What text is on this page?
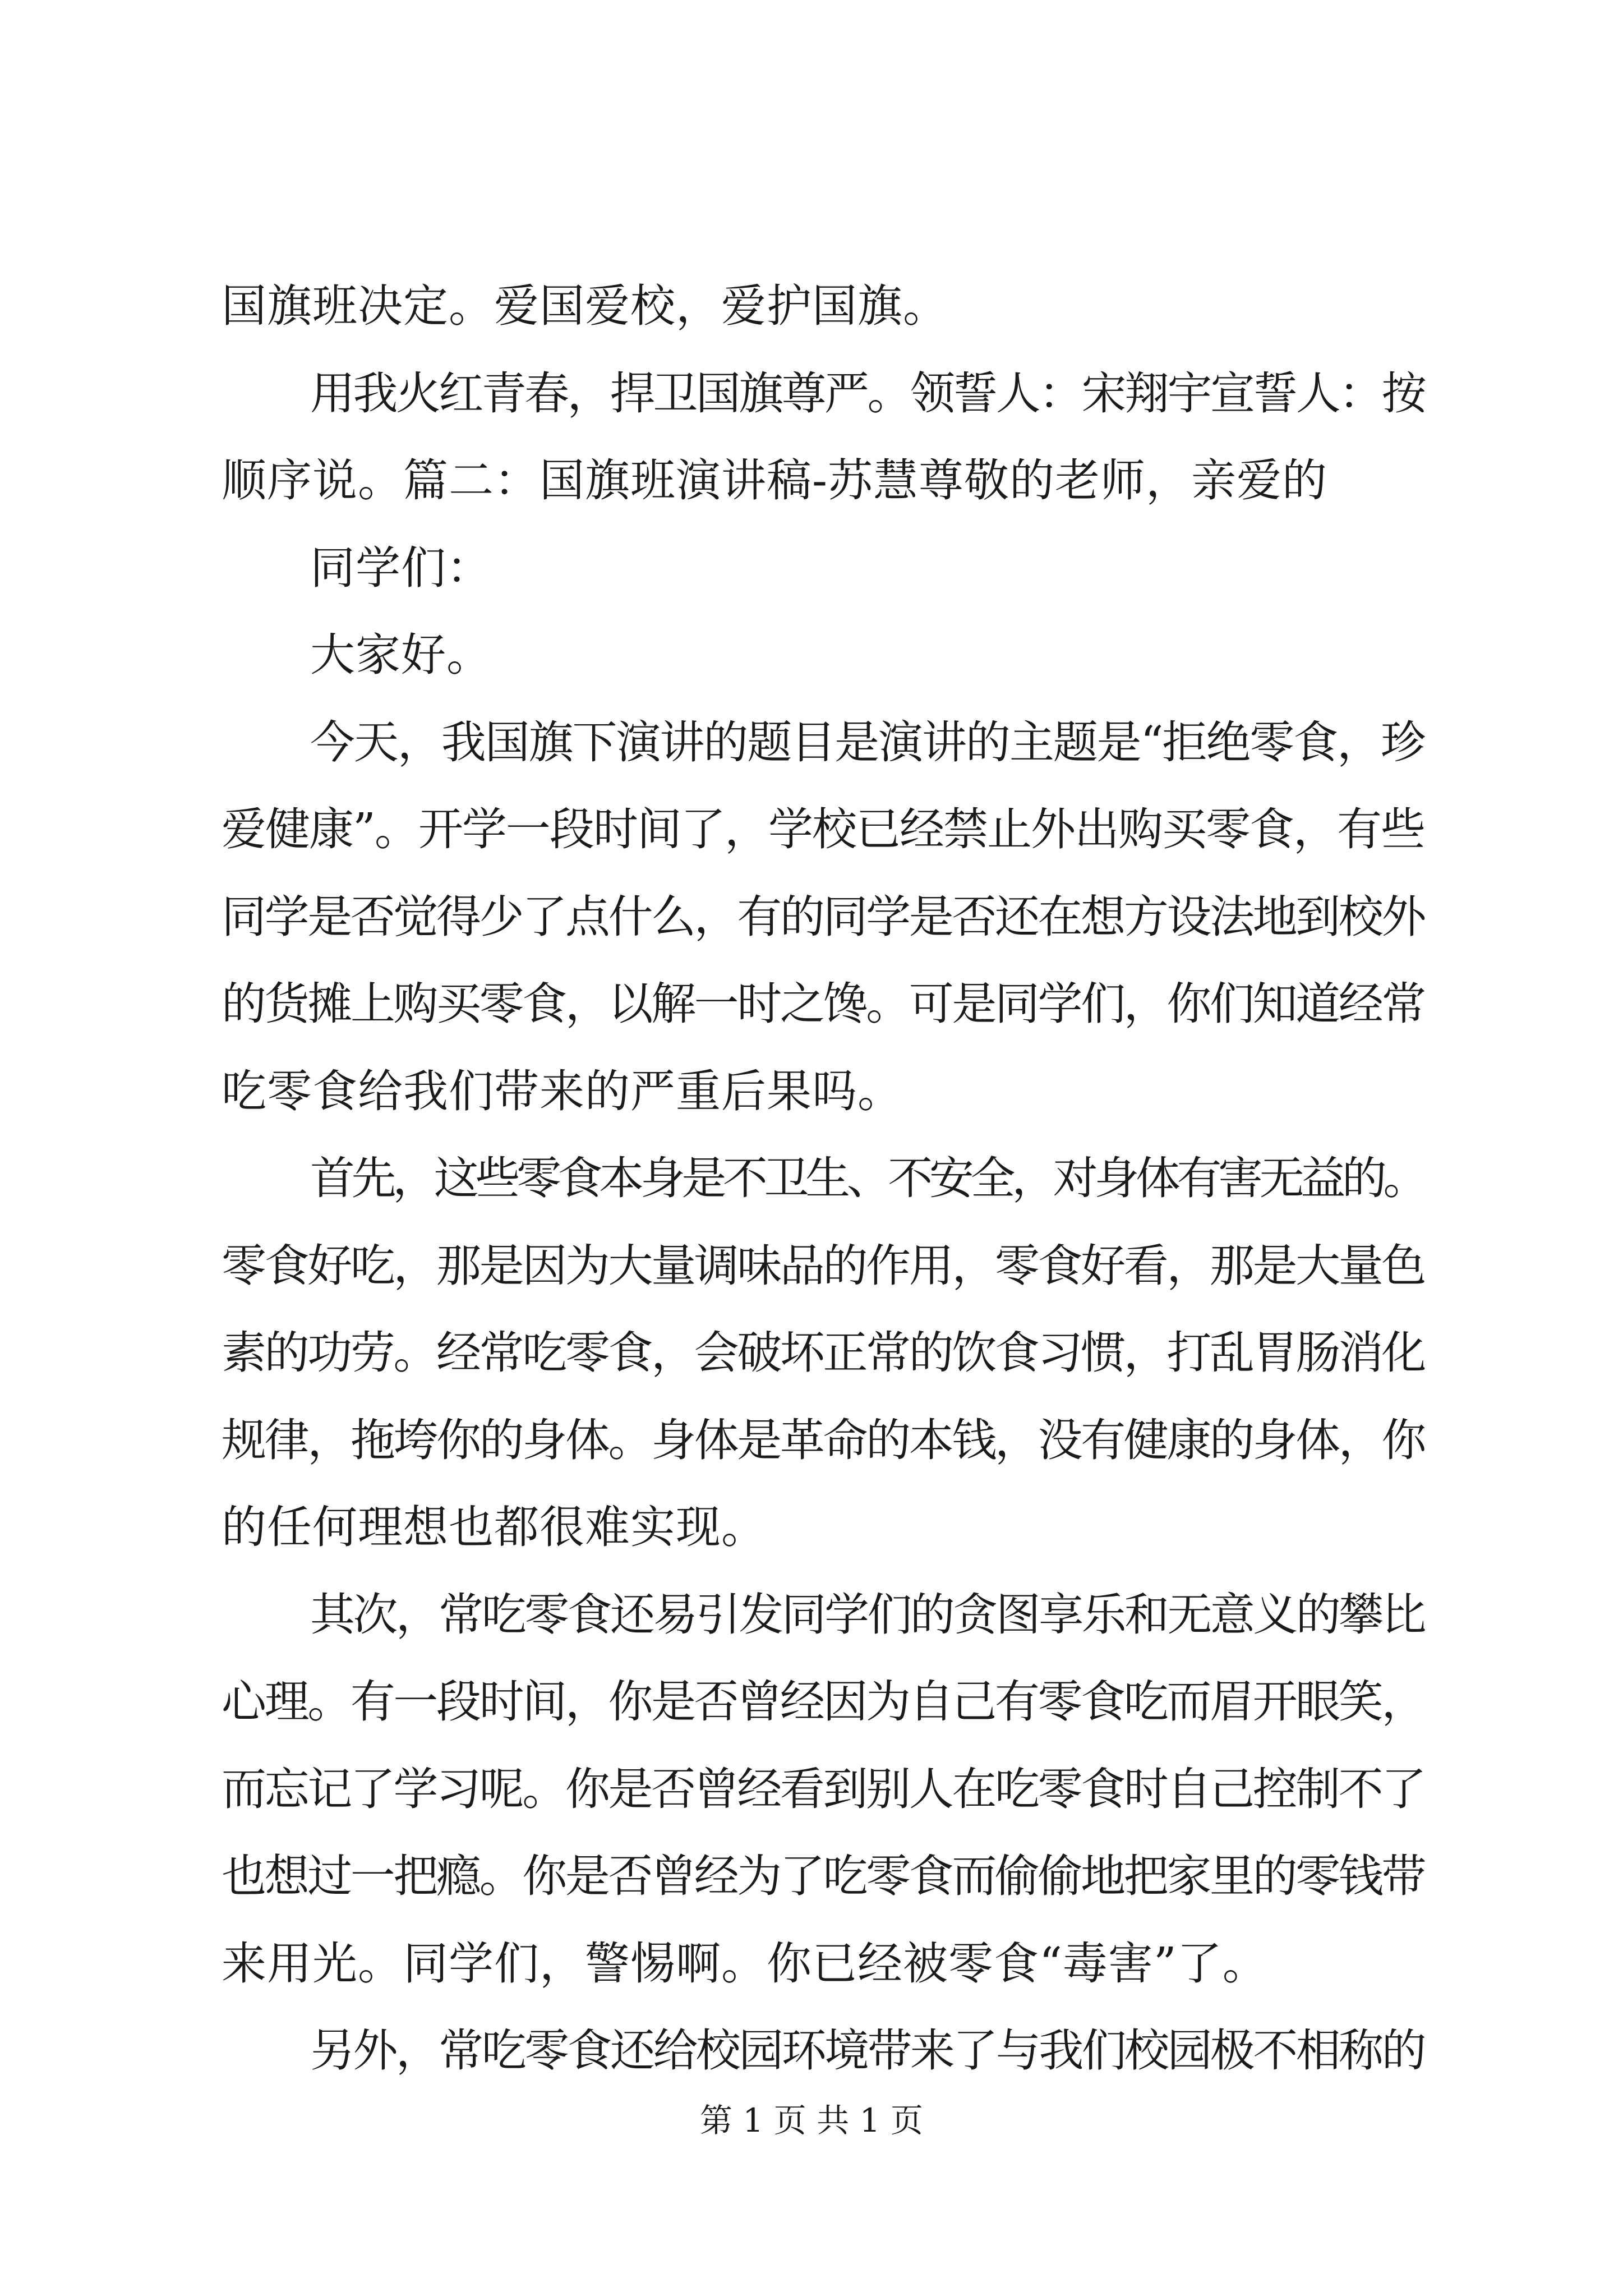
国旗班决定。爱国爱校，爱护国旗。
用我火红青春，捍卫国旗尊严。领誓人：宋翔宇宣誓人：按
顺序说。篇二：国旗班演讲稿-苏慧尊敬的老师，亲爱的
同学们：
大家好。
今天，我国旗下演讲的题目是演讲的主题是“拒绝零食，珍
爱健康”。开学一段时间了，学校已经禁止外出购买零食，有些
同学是否觉得少了点什么，有的同学是否还在想方设法地到校外
的货摊上购买零食，以解一时之馋。可是同学们，你们知道经常
吃零食给我们带来的严重后果吗。
首先，这些零食本身是不卫生、不安全，对身体有害无益的。
零食好吃，那是因为大量调味品的作用，零食好看，那是大量色
素的功劳。经常吃零食，会破坏正常的饮食习惯，打乱胃肠消化
规律，拖垮你的身体。身体是革命的本钱，没有健康的身体，你
的任何理想也都很难实现。
其次，常吃零食还易引发同学们的贪图享乐和无意义的攀比
心理。有一段时间，你是否曾经因为自己有零食吃而眉开眼笑，
而忘记了学习呢。你是否曾经看到别人在吃零食时自己控制不了
也想过一把瘾。你是否曾经为了吃零食而偷偷地把家里的零钱带
来用光。同学们，警惕啊。你已经被零食“毒害”了。
另外，常吃零食还给校园环境带来了与我们校园极不相称的
第 1 页 共 1 页
